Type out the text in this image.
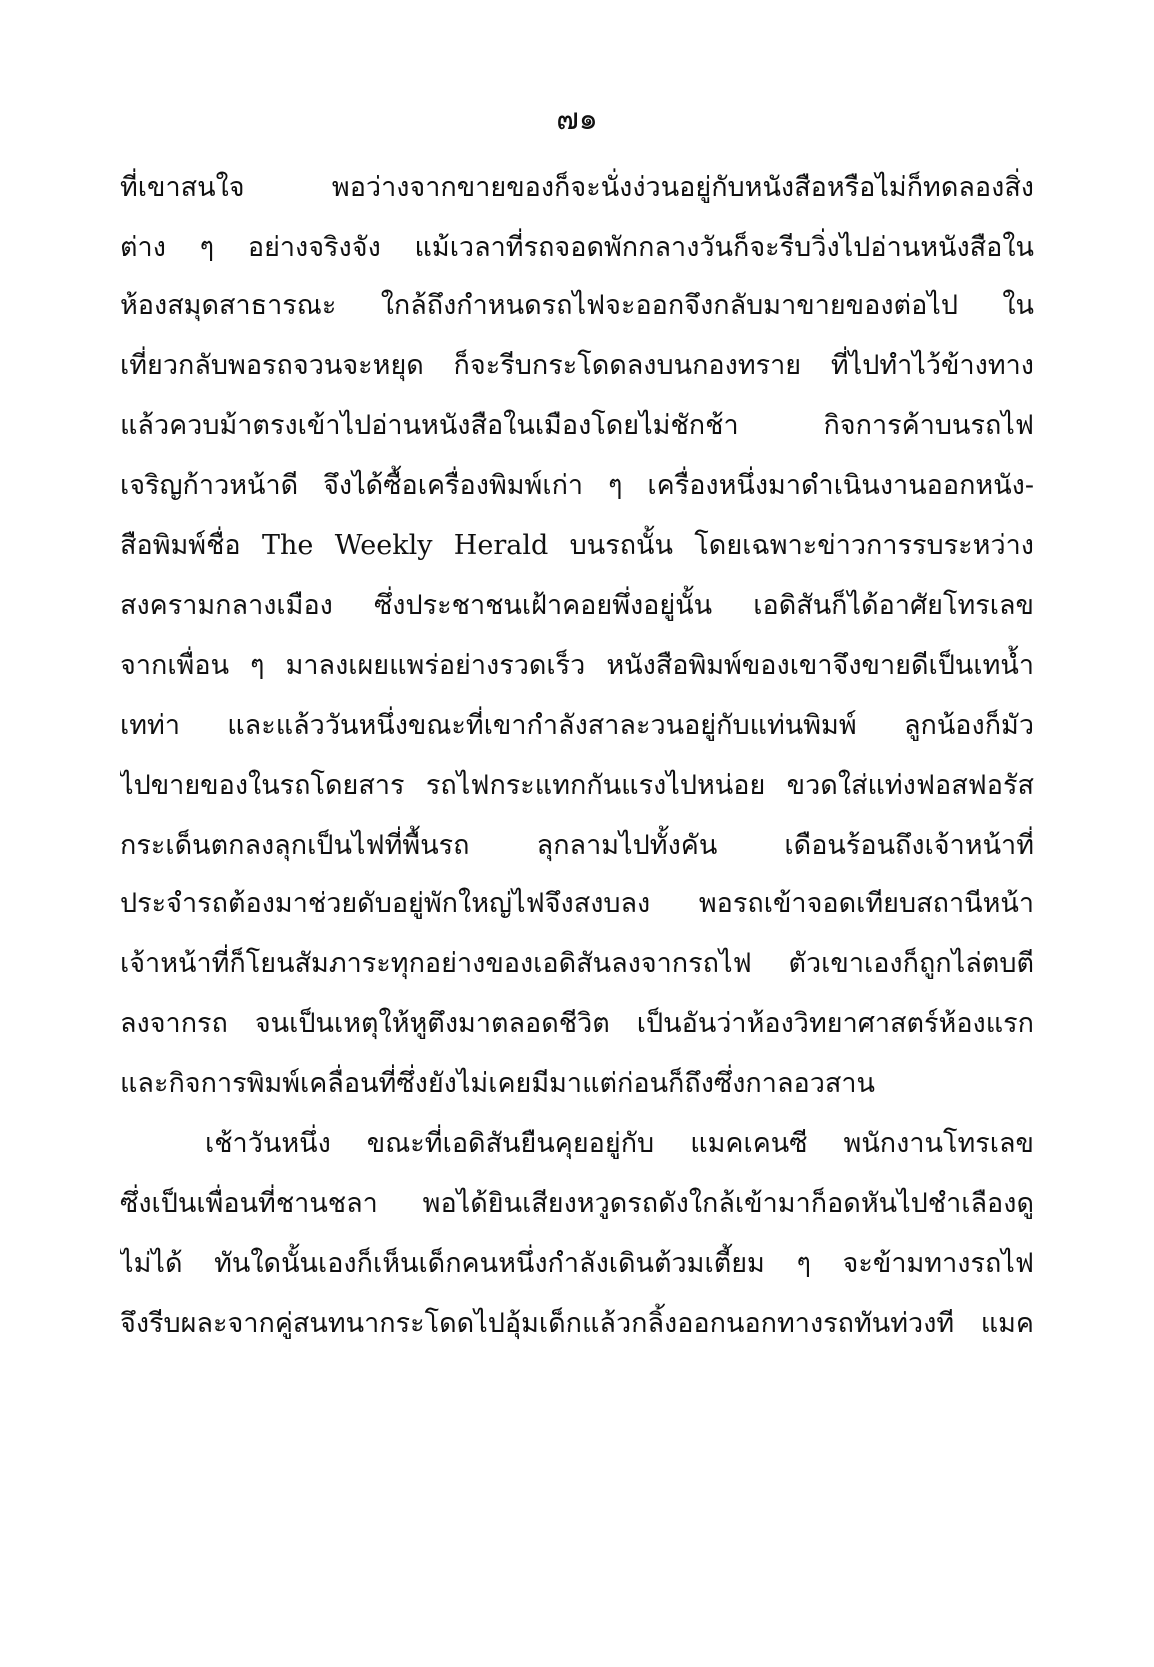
๗๑
ที่เขาสนใจ พอว่างจากขายของก็จะนั่งง่วนอยู่กับหนังสือหรือไม่ก็ทดลองสิ่ง
ต่าง ๆ อย่างจริงจัง แม้เวลาที่รถจอดพักกลางวันก็จะรีบวิ่งไปอ่านหนังสือใน
ห้องสมุดสาธารณะ ใกล้ถึงกำหนดรถไฟจะออกจึงกลับมาขายของต่อไป ใน
เที่ยวกลับพอรถจวนจะหยุด ก็จะรีบกระโดดลงบนกองทราย ที่ไปทำไว้ข้างทาง
แล้วควบม้าตรงเข้าไปอ่านหนังสือในเมืองโดยไม่ชักช้า กิจการค้าบนรถไฟ
เจริญก้าวหน้าดี จึงได้ซื้อเครื่องพิมพ์เก่า ๆ เครื่องหนึ่งมาดำเนินงานออกหนัง-
สือพิมพ์ชื่อ The Weekly Herald บนรถนั้น โดยเฉพาะข่าวการรบระหว่าง
สงครามกลางเมือง ซึ่งประชาชนเฝ้าคอยพึ่งอยู่นั้น เอดิสันก็ได้อาศัยโทรเลข
จากเพื่อน ๆ มาลงเผยแพร่อย่างรวดเร็ว หนังสือพิมพ์ของเขาจึงขายดีเป็นเทน้ำ
เทท่า และแล้ววันหนึ่งขณะที่เขากำลังสาละวนอยู่กับแท่นพิมพ์ ลูกน้องก็มัว
ไปขายของในรถโดยสาร รถไฟกระแทกกันแรงไปหน่อย ขวดใส่แท่งฟอสฟอรัส
กระเด็นตกลงลุกเป็นไฟที่พื้นรถ ลุกลามไปทั้งคัน เดือนร้อนถึงเจ้าหน้าที่
ประจำรถต้องมาช่วยดับอยู่พักใหญ่ไฟจึงสงบลง พอรถเข้าจอดเทียบสถานีหน้า
เจ้าหน้าที่ก็โยนสัมภาระทุกอย่างของเอดิสันลงจากรถไฟ ตัวเขาเองก็ถูกไล่ตบตี
ลงจากรถ จนเป็นเหตุให้หูตึงมาตลอดชีวิต เป็นอันว่าห้องวิทยาศาสตร์ห้องแรก
และกิจการพิมพ์เคลื่อนที่ซึ่งยังไม่เคยมีมาแต่ก่อนก็ถึงซึ่งกาลอวสาน
เช้าวันหนึ่ง ขณะที่เอดิสันยืนคุยอยู่กับ แมคเคนซี พนักงานโทรเลข
ซึ่งเป็นเพื่อนที่ชานชลา พอได้ยินเสียงหวูดรถดังใกล้เข้ามาก็อดหันไปชำเลืองดู
ไม่ได้ ทันใดนั้นเองก็เห็นเด็กคนหนึ่งกำลังเดินต้วมเตี้ยม ๆ จะข้ามทางรถไฟ
จึงรีบผละจากคู่สนทนากระโดดไปอุ้มเด็กแล้วกลิ้งออกนอกทางรถทันท่วงที แมค
